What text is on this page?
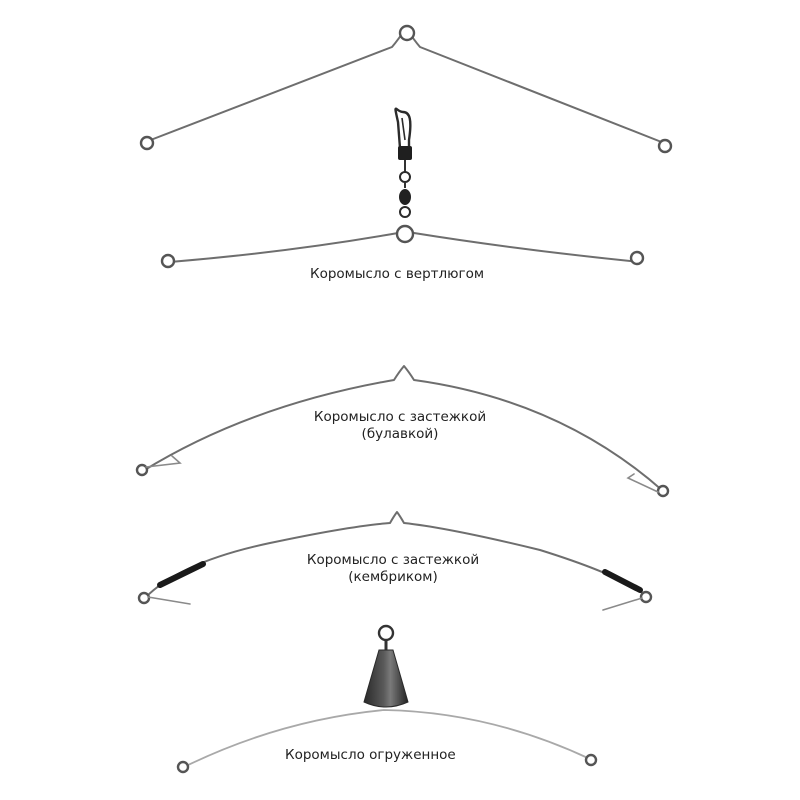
Коромысло с вертлюгом
Коромысло с застежкой
(булавкой)
Коромысло с застежкой
(кембриком)
Коромысло огруженное
